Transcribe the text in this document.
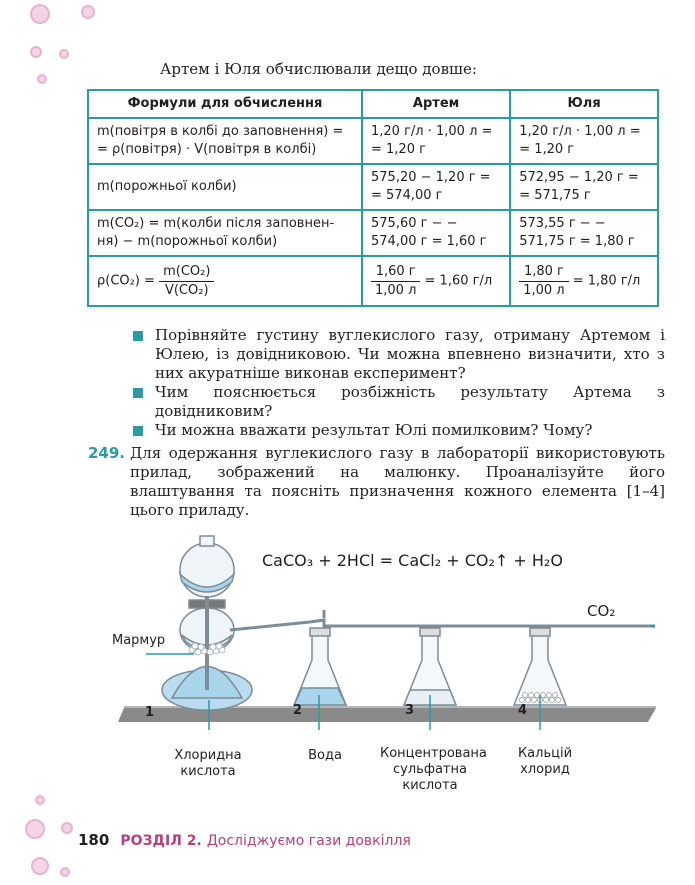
Артем і Юля обчислювали дещо довше:
Формули для обчислення	Артем	Юля
m(повітря в колбі до заповнення) = = ρ(повітря) · V(повітря в колбі)	1,20 г/л · 1,00 л = = 1,20 г	1,20 г/л · 1,00 л = = 1,20 г
m(порожньої колби)	575,20 − 1,20 г = = 574,00 г	572,95 − 1,20 г = = 571,75 г
m(CO₂) = m(колби після заповнен-ня) − m(порожньої колби)	575,60 г − − 574,00 г = 1,60 г	573,55 г − − 571,75 г = 1,80 г
$\rho(CO_2) = \frac{\text{m(CO₂)}}{\text{V(CO₂)}}$	$\frac{1,60 г}{1,00 л} = 1,60$ г/л	$\frac{1,80 г}{1,00 л} = 1,80$ г/л

Порівняйте густину вуглекислого газу, отриману Артемом і Юлею, із довідниковою. Чи можна впевнено визначити, хто з них акуратніше виконав експеримент?

Чим пояснюється розбіжність результату Артема з довідниковим?

Чи можна вважати результат Юлі помилковим? Чому?

249. Для одержання вуглекислого газу в лабораторії використовують прилад, зображений на малюнку. Проаналізуйте його влаштування та поясніть призначення кожного елемента [1–4] цього приладу.
CaCO₃ + 2HCl = CaCl₂ + CO₂↑ + H₂O
Мармур
CO₂
1	2	3	4
Хлоридна кислота
Вода	Концентрована сульфатна кислота
Кальцій хлорид
180 РОЗДІЛ 2. Досліджуємо гази довкілля
